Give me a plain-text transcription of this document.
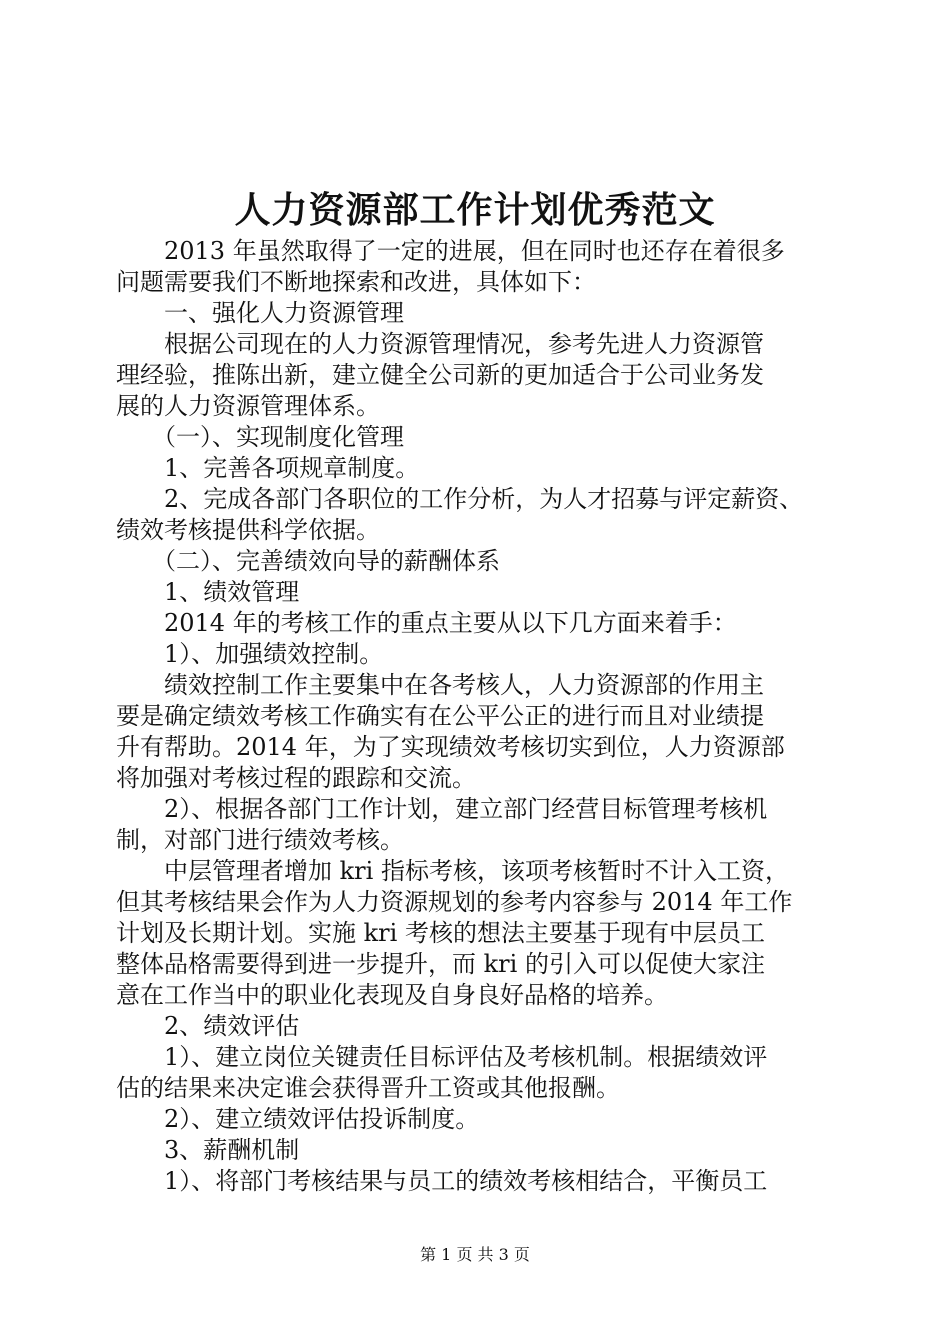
人力资源部工作计划优秀范文
　　2013 年虽然取得了一定的进展，但在同时也还存在着很多
问题需要我们不断地探索和改进，具体如下：
　　一、强化人力资源管理
　　根据公司现在的人力资源管理情况，参考先进人力资源管
理经验，推陈出新，建立健全公司新的更加适合于公司业务发
展的人力资源管理体系。
　　（一）、实现制度化管理
　　1、完善各项规章制度。
　　2、完成各部门各职位的工作分析，为人才招募与评定薪资、
绩效考核提供科学依据。
　　（二）、完善绩效向导的薪酬体系
　　1、绩效管理
　　2014 年的考核工作的重点主要从以下几方面来着手：
　　1）、加强绩效控制。
　　绩效控制工作主要集中在各考核人，人力资源部的作用主
要是确定绩效考核工作确实有在公平公正的进行而且对业绩提
升有帮助。2014 年，为了实现绩效考核切实到位，人力资源部
将加强对考核过程的跟踪和交流。
　　2）、根据各部门工作计划，建立部门经营目标管理考核机
制，对部门进行绩效考核。
　　中层管理者增加 kri 指标考核，该项考核暂时不计入工资，
但其考核结果会作为人力资源规划的参考内容参与 2014 年工作
计划及长期计划。实施 kri 考核的想法主要基于现有中层员工
整体品格需要得到进一步提升，而 kri 的引入可以促使大家注
意在工作当中的职业化表现及自身良好品格的培养。
　　2、绩效评估
　　1）、建立岗位关键责任目标评估及考核机制。根据绩效评
估的结果来决定谁会获得晋升工资或其他报酬。
　　2）、建立绩效评估投诉制度。
　　3、薪酬机制
　　1）、将部门考核结果与员工的绩效考核相结合，平衡员工
第 1 页 共 3 页
